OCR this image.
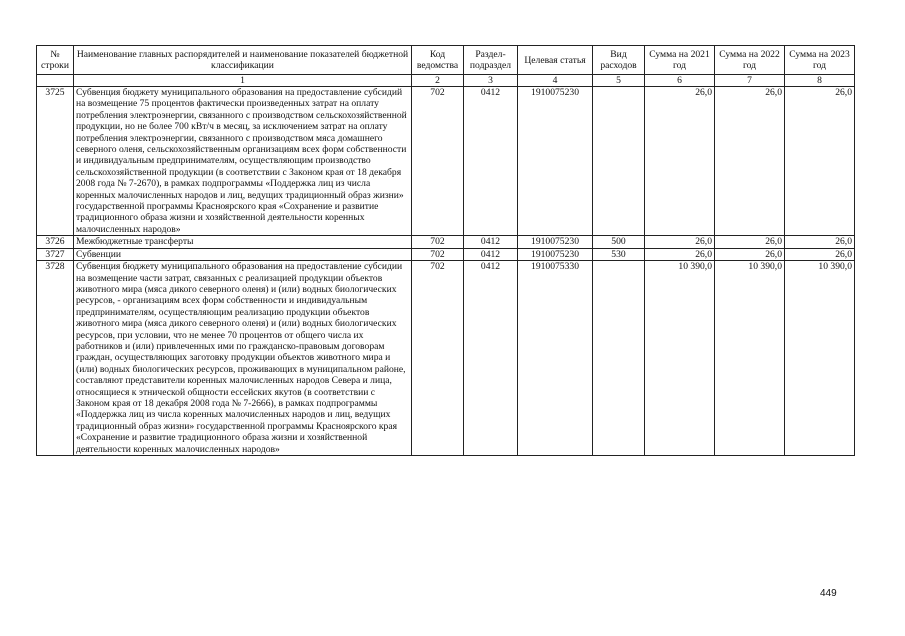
№ строки	Наименование главных распорядителей и наименование показателей бюджетной классификации	Код ведомства	Раздел-подраздел	Целевая статья	Вид расходов	Сумма на 2021 год	Сумма на 2022 год	Сумма на 2023 год
	1	2	3	4	5	6	7	8
3725	Субвенция бюджету муниципального образования на предоставление субсидий на возмещение 75 процентов фактически произведенных затрат на оплату потребления электроэнергии, связанного с производством сельскохозяйственной продукции, но не более 700 кВт/ч в месяц, за исключением затрат на оплату потребления электроэнергии, связанного с производством мяса домашнего северного оленя, сельскохозяйственным организациям всех форм собственности и индивидуальным предпринимателям, осуществляющим производство сельскохозяйственной продукции (в соответствии с Законом края от 18 декабря 2008 года № 7-2670), в рамках подпрограммы «Поддержка лиц из числа коренных малочисленных народов и лиц, ведущих традиционный образ жизни» государственной программы Красноярского края «Сохранение и развитие традиционного образа жизни и хозяйственной деятельности коренных малочисленных народов»	702	0412	1910075230		26,0	26,0	26,0
3726	Межбюджетные трансферты	702	0412	1910075230	500	26,0	26,0	26,0
3727	Субвенции	702	0412	1910075230	530	26,0	26,0	26,0
3728	Субвенция бюджету муниципального образования на предоставление субсидии на возмещение части затрат, связанных с реализацией продукции объектов животного мира (мяса дикого северного оленя) и (или) водных биологических ресурсов, - организациям всех форм собственности и индивидуальным предпринимателям, осуществляющим реализацию продукции объектов животного мира (мяса дикого северного оленя) и (или) водных биологических ресурсов, при условии, что не менее 70 процентов от общего числа их работников и (или) привлеченных ими по гражданско-правовым договорам граждан, осуществляющих заготовку продукции объектов животного мира и (или) водных биологических ресурсов, проживающих в муниципальном районе, составляют представители коренных малочисленных народов Севера и лица, относящиеся к этнической общности ессейских якутов (в соответствии с Законом края от 18 декабря 2008 года № 7-2666), в рамках подпрограммы «Поддержка лиц из числа коренных малочисленных народов и лиц, ведущих традиционный образ жизни» государственной программы Красноярского края «Сохранение и развитие традиционного образа жизни и хозяйственной деятельности коренных малочисленных народов»	702	0412	1910075330		10 390,0	10 390,0	10 390,0
449
